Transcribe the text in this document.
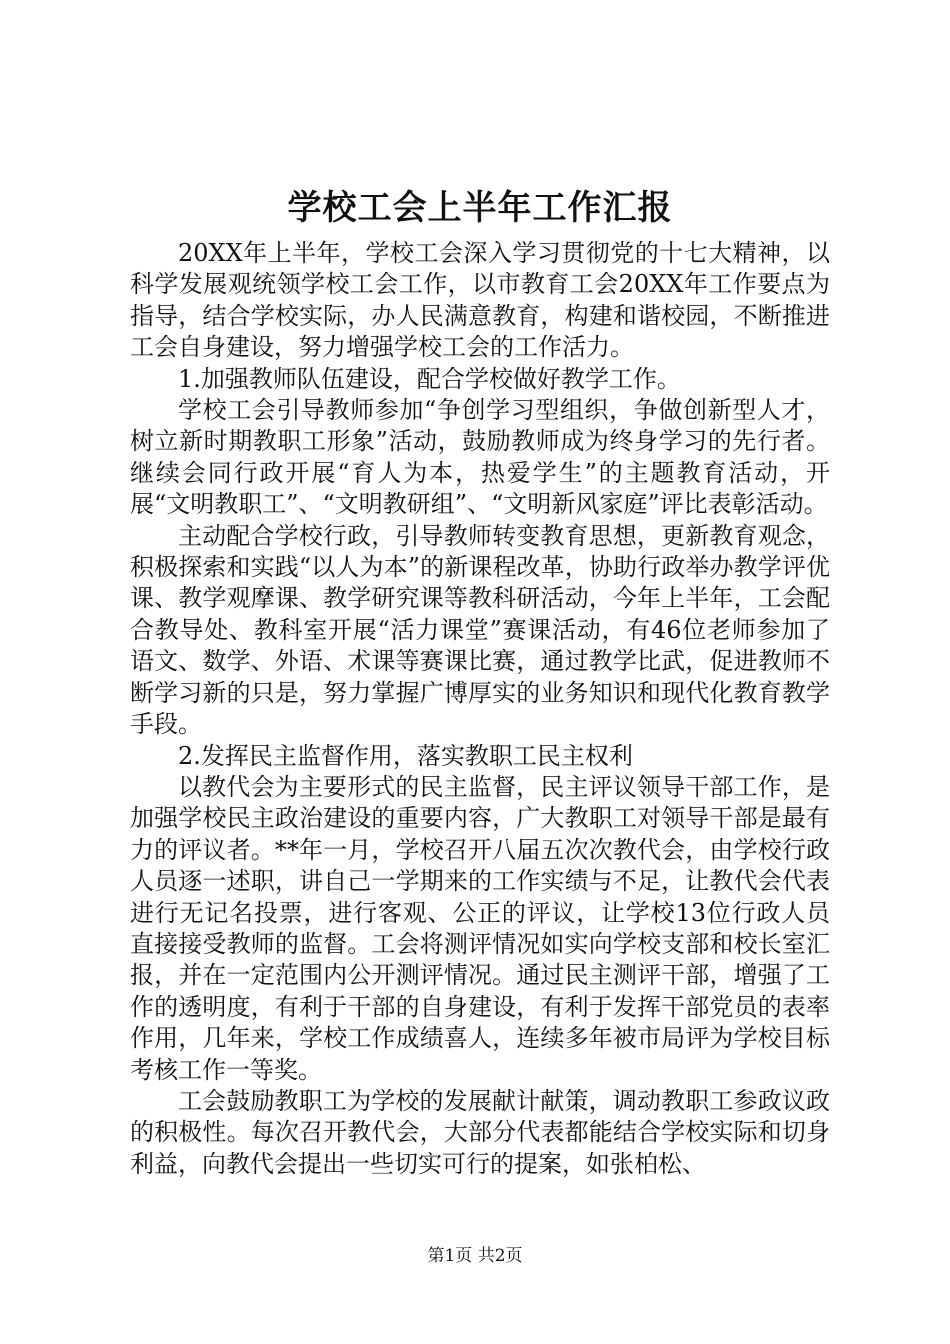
学校工会上半年工作汇报

20XX年上半年，学校工会深入学习贯彻党的十七大精神，以科学发展观统领学校工会工作，以市教育工会20XX年工作要点为指导，结合学校实际，办人民满意教育，构建和谐校园，不断推进工会自身建设，努力增强学校工会的工作活力。

1.加强教师队伍建设，配合学校做好教学工作。

学校工会引导教师参加“争创学习型组织，争做创新型人才，树立新时期教职工形象”活动，鼓励教师成为终身学习的先行者。继续会同行政开展“育人为本，热爱学生”的主题教育活动，开展“文明教职工”、“文明教研组”、“文明新风家庭”评比表彰活动。

主动配合学校行政，引导教师转变教育思想，更新教育观念，积极探索和实践“以人为本”的新课程改革，协助行政举办教学评优课、教学观摩课、教学研究课等教科研活动，今年上半年，工会配合教导处、教科室开展“活力课堂”赛课活动，有46位老师参加了语文、数学、外语、术课等赛课比赛，通过教学比武，促进教师不断学习新的只是，努力掌握广博厚实的业务知识和现代化教育教学手段。

2.发挥民主监督作用，落实教职工民主权利

以教代会为主要形式的民主监督，民主评议领导干部工作，是加强学校民主政治建设的重要内容，广大教职工对领导干部是最有力的评议者。**年一月，学校召开八届五次次教代会，由学校行政人员逐一述职，讲自己一学期来的工作实绩与不足，让教代会代表进行无记名投票，进行客观、公正的评议，让学校13位行政人员直接接受教师的监督。工会将测评情况如实向学校支部和校长室汇报，并在一定范围内公开测评情况。通过民主测评干部，增强了工作的透明度，有利于干部的自身建设，有利于发挥干部党员的表率作用，几年来，学校工作成绩喜人，连续多年被市局评为学校目标考核工作一等奖。

工会鼓励教职工为学校的发展献计献策，调动教职工参政议政的积极性。每次召开教代会，大部分代表都能结合学校实际和切身利益，向教代会提出一些切实可行的提案，如张柏松、

第1页 共2页
